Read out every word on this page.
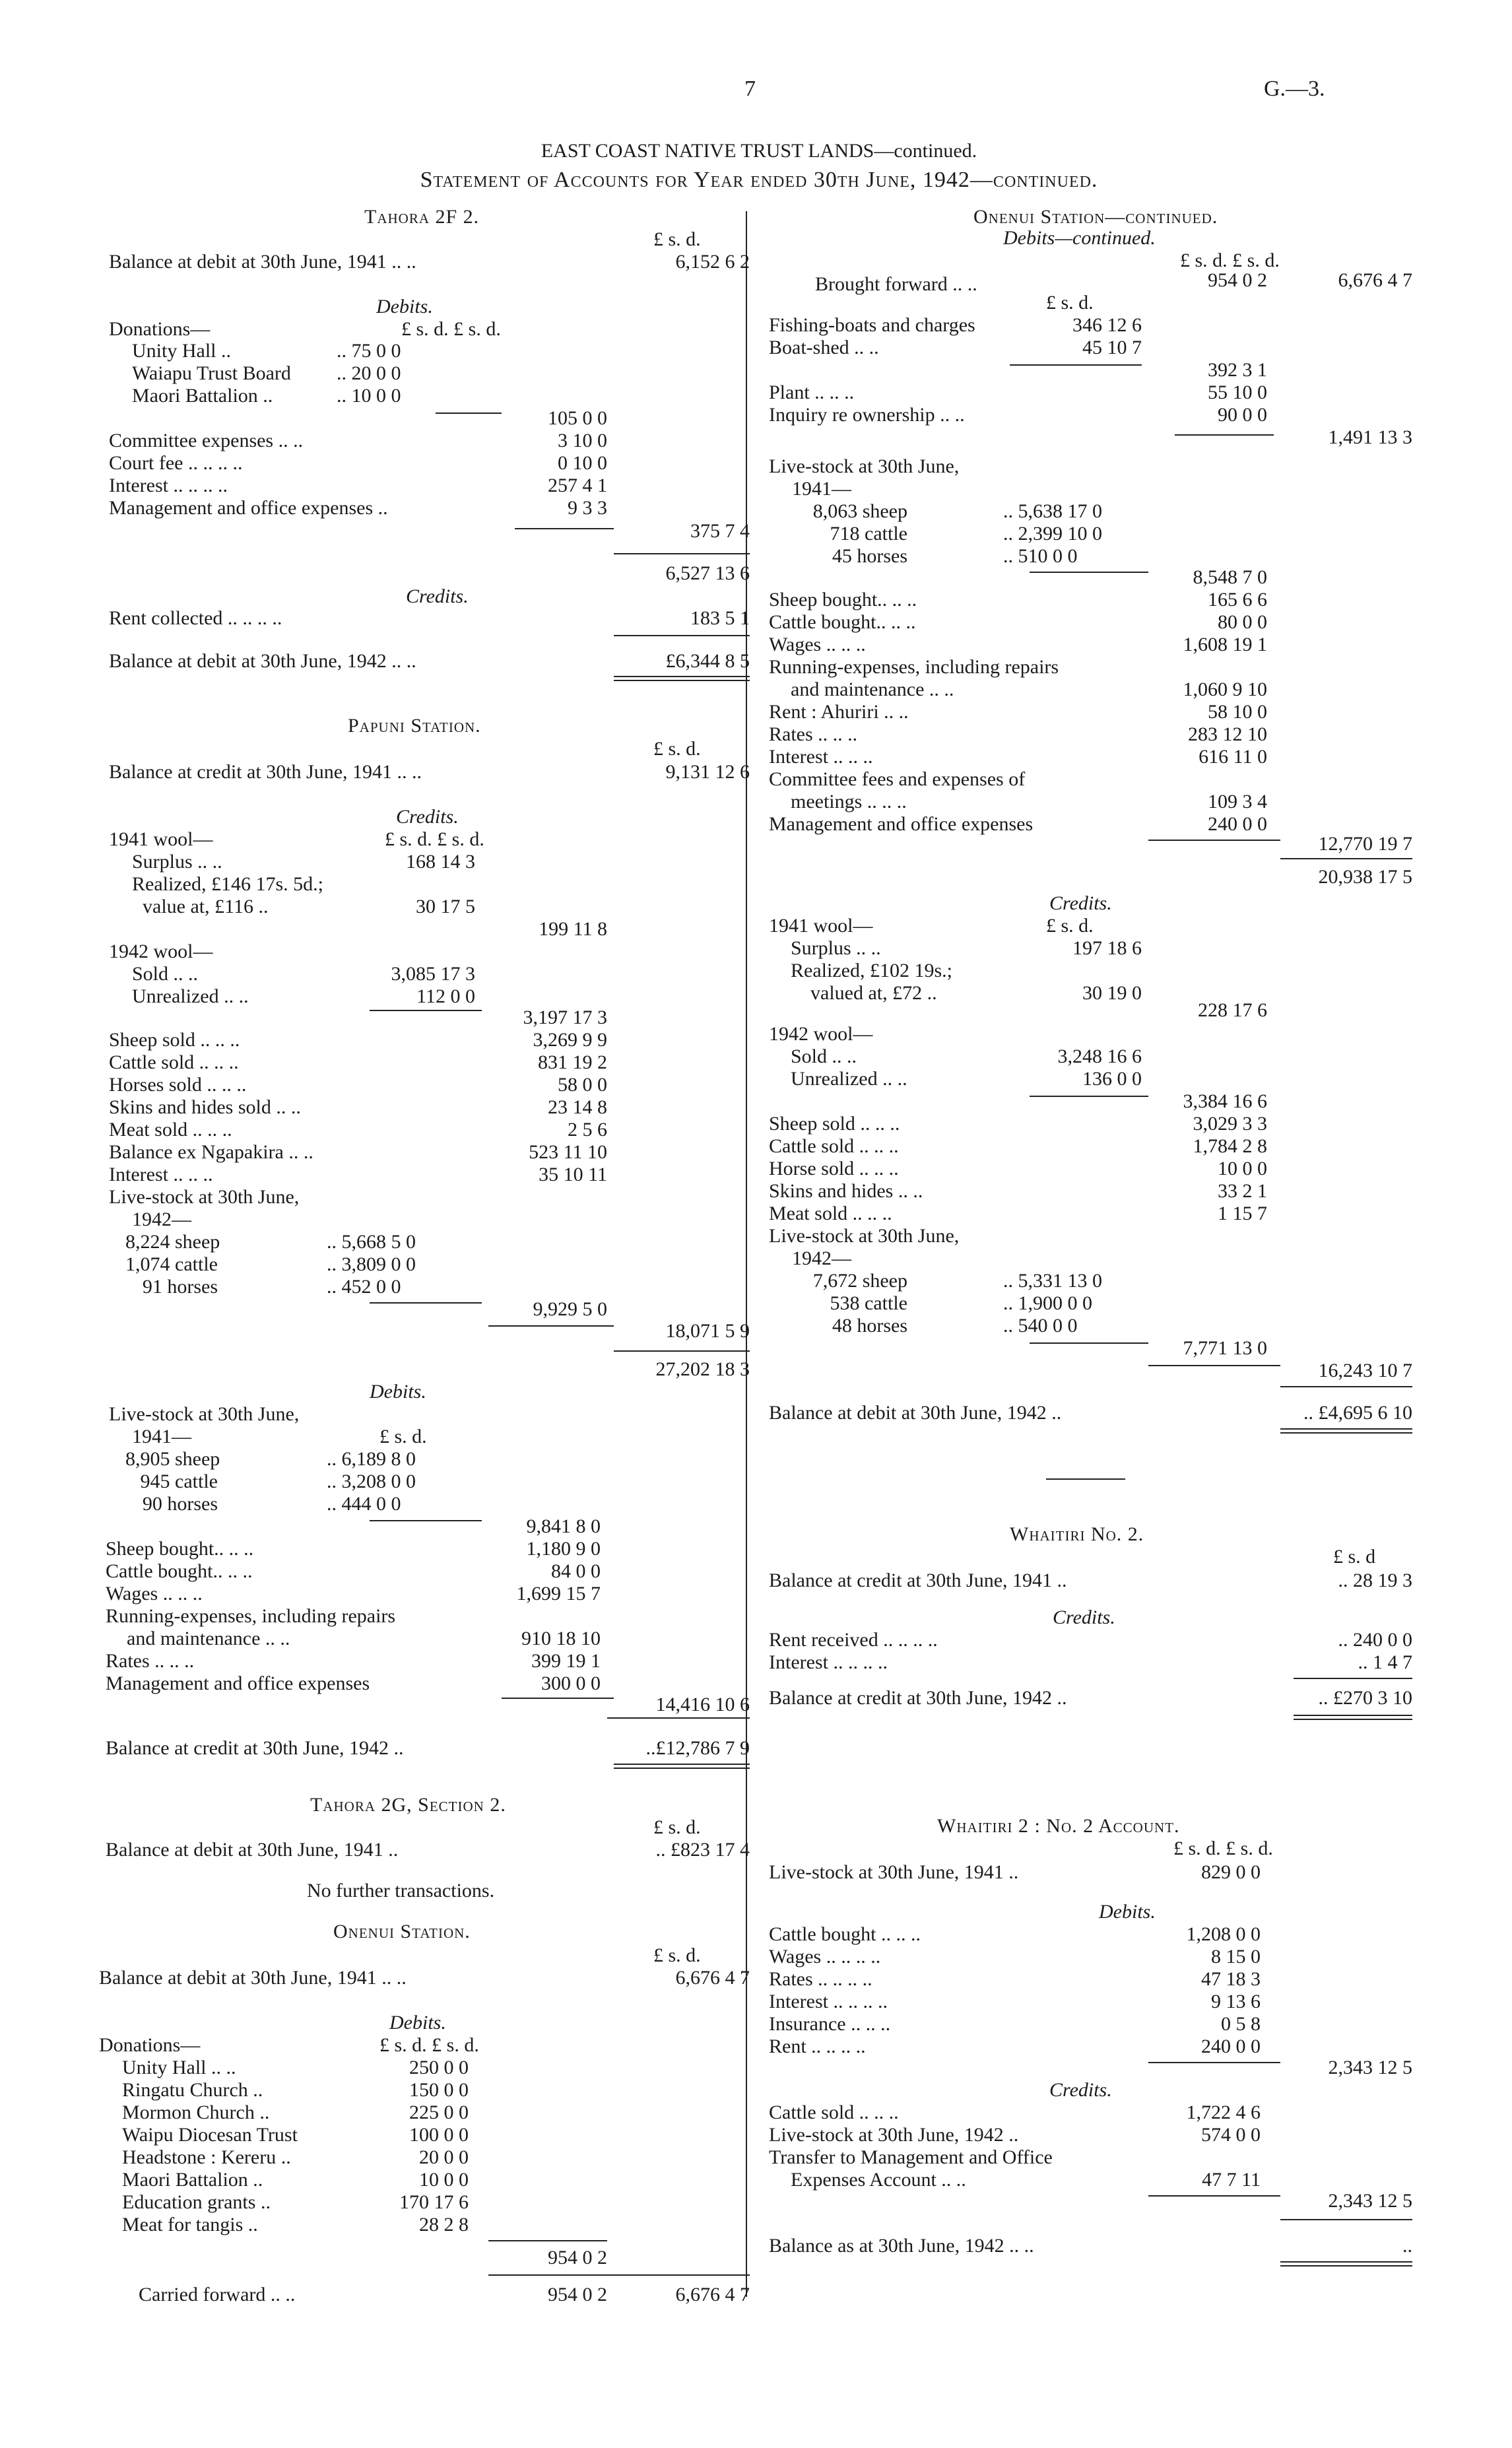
7	G.—3.
EAST COAST NATIVE TRUST LANDS—continued.
Statement of Accounts for Year ended 30th June, 1942—continued.
Tahora 2F 2.
£ s. d.
Balance at debit at 30th June, 1941 .. ..	6,152 6 2
Debits.
£ s. d. £ s. d.
Donations—
Unity Hall ..	.. 75 0 0
Waiapu Trust Board .. 20 0 0
Maori Battalion ..	.. 10 0 0
105 0 0
Committee expenses .. ..	3 10 0
Court fee .. .. .. ..	0 10 0
Interest .. .. .. ..	257 4 1
Management and office expenses ..	9 3 3
375 7 4
6,527 13 6
Credits.
Rent collected .. .. .. ..	183 5 1
Balance at debit at 30th June, 1942 .. ..	£6,344 8 5
Papuni Station.
£ s. d.
Balance at credit at 30th June, 1941 .. ..	9,131 12 6
Credits.
£ s. d. £ s. d.
1941 wool—
Surplus .. ..	168 14 3
Realized, £146 17s. 5d.;
value at, £116 ..	30 17 5
199 11 8
1942 wool—
Sold .. ..	3,085 17 3
Unrealized .. ..	112 0 0
3,197 17 3
Sheep sold .. .. ..	3,269 9 9
Cattle sold .. .. ..	831 19 2
Horses sold .. .. ..	58 0 0
Skins and hides sold .. ..	23 14 8
Meat sold .. .. ..	2 5 6
Balance ex Ngapakira .. ..	523 11 10
Interest .. .. ..	35 10 11
Live-stock at 30th June,
1942—
8,224 sheep	.. 5,668 5 0
1,074 cattle	.. 3,809 0 0
91 horses	.. 452 0 0
9,929 5 0
18,071 5 9
27,202 18 3
Debits.
Live-stock at 30th June,
1941—	£ s. d.
8,905 sheep	.. 6,189 8 0
945 cattle	.. 3,208 0 0
90 horses	.. 444 0 0
9,841 8 0
Sheep bought.. .. ..	1,180 9 0
Cattle bought.. .. ..	84 0 0
Wages .. .. ..	1,699 15 7
Running-expenses, including repairs
and maintenance .. ..	910 18 10
Rates .. .. ..	399 19 1
Management and office expenses	300 0 0
14,416 10 6
Balance at credit at 30th June, 1942 ..	..£12,786 7 9
Tahora 2G, Section 2.
£ s. d.
Balance at debit at 30th June, 1941 ..	.. £823 17 4
No further transactions.
Onenui Station.
£ s. d.
Balance at debit at 30th June, 1941 .. ..	6,676 4 7
Debits.
£ s. d. £ s. d.
Donations—
Unity Hall .. ..	250 0 0
Ringatu Church ..	150 0 0
Mormon Church ..	225 0 0
Waipu Diocesan Trust	100 0 0
Headstone : Kereru ..	20 0 0
Maori Battalion ..	10 0 0
Education grants ..	170 17 6
Meat for tangis ..	28 2 8
954 0 2
Carried forward .. ..	954 0 2	6,676 4 7
Onenui Station—continued.
Debits—continued.
£ s. d. £ s. d.
Brought forward .. ..	954 0 2	6,676 4 7
£ s. d.
Fishing-boats and charges	346 12 6
Boat-shed .. ..	45 10 7
392 3 1
Plant .. .. ..	55 10 0
Inquiry re ownership .. ..	90 0 0
1,491 13 3
Live-stock at 30th June,
1941—
8,063 sheep	.. 5,638 17 0
718 cattle	.. 2,399 10 0
45 horses	.. 510 0 0
8,548 7 0
Sheep bought.. .. ..	165 6 6
Cattle bought.. .. ..	80 0 0
Wages .. .. ..	1,608 19 1
Running-expenses, including repairs
and maintenance .. ..	1,060 9 10
Rent : Ahuriri .. ..	58 10 0
Rates .. .. ..	283 12 10
Interest .. .. ..	616 11 0
Committee fees and expenses of
meetings .. .. ..	109 3 4
Management and office expenses	240 0 0
12,770 19 7
20,938 17 5
Credits.
£ s. d.
1941 wool—
Surplus .. ..	197 18 6
Realized, £102 19s.;
valued at, £72 ..	30 19 0
228 17 6
1942 wool—
Sold .. ..	3,248 16 6
Unrealized .. ..	136 0 0
3,384 16 6
Sheep sold .. .. ..	3,029 3 3
Cattle sold .. .. ..	1,784 2 8
Horse sold .. .. ..	10 0 0
Skins and hides .. ..	33 2 1
Meat sold .. .. ..	1 15 7
Live-stock at 30th June,
1942—
7,672 sheep	.. 5,331 13 0
538 cattle	.. 1,900 0 0
48 horses	.. 540 0 0
7,771 13 0
16,243 10 7
Balance at debit at 30th June, 1942 ..	.. £4,695 6 10
Whaitiri No. 2.
£ s. d
Balance at credit at 30th June, 1941 ..	.. 28 19 3
Credits.
Rent received .. .. .. ..	.. 240 0 0
Interest .. .. .. ..	.. 1 4 7
Balance at credit at 30th June, 1942 ..	.. £270 3 10
Whaitiri 2 : No. 2 Account.
£ s. d. £ s. d.
Live-stock at 30th June, 1941 ..	829 0 0
Debits.
Cattle bought .. .. ..	1,208 0 0
Wages .. .. .. ..	8 15 0
Rates .. .. .. ..	47 18 3
Interest .. .. .. ..	9 13 6
Insurance .. .. ..	0 5 8
Rent .. .. .. ..	240 0 0
2,343 12 5
Credits.
Cattle sold .. .. ..	1,722 4 6
Live-stock at 30th June, 1942 ..	574 0 0
Transfer to Management and Office
Expenses Account .. ..	47 7 11
2,343 12 5
Balance as at 30th June, 1942 .. ..	..
